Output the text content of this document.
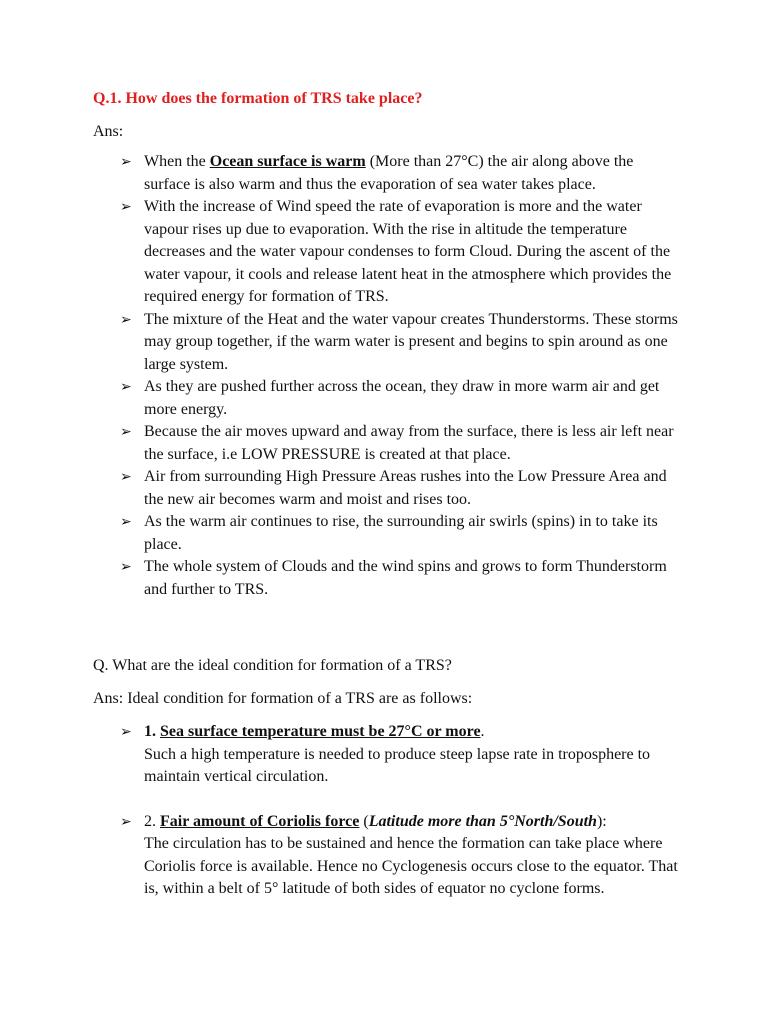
Q.1. How does the formation of TRS take place?

Ans:

➢ When the Ocean surface is warm (More than 27°C) the air along above the surface is also warm and thus the evaporation of sea water takes place.
➢ With the increase of Wind speed the rate of evaporation is more and the water vapour rises up due to evaporation. With the rise in altitude the temperature decreases and the water vapour condenses to form Cloud. During the ascent of the water vapour, it cools and release latent heat in the atmosphere which provides the required energy for formation of TRS.
➢ The mixture of the Heat and the water vapour creates Thunderstorms. These storms may group together, if the warm water is present and begins to spin around as one large system.
➢ As they are pushed further across the ocean, they draw in more warm air and get more energy.
➢ Because the air moves upward and away from the surface, there is less air left near the surface, i.e LOW PRESSURE is created at that place.
➢ Air from surrounding High Pressure Areas rushes into the Low Pressure Area and the new air becomes warm and moist and rises too.
➢ As the warm air continues to rise, the surrounding air swirls (spins) in to take its place.
➢ The whole system of Clouds and the wind spins and grows to form Thunderstorm and further to TRS.

Q. What are the ideal condition for formation of a TRS?

Ans: Ideal condition for formation of a TRS are as follows:

➢ 1. Sea surface temperature must be 27°C or more.
Such a high temperature is needed to produce steep lapse rate in troposphere to maintain vertical circulation.
➢ 2. Fair amount of Coriolis force (Latitude more than 5°North/South):
The circulation has to be sustained and hence the formation can take place where Coriolis force is available. Hence no Cyclogenesis occurs close to the equator. That is, within a belt of 5° latitude of both sides of equator no cyclone forms.
